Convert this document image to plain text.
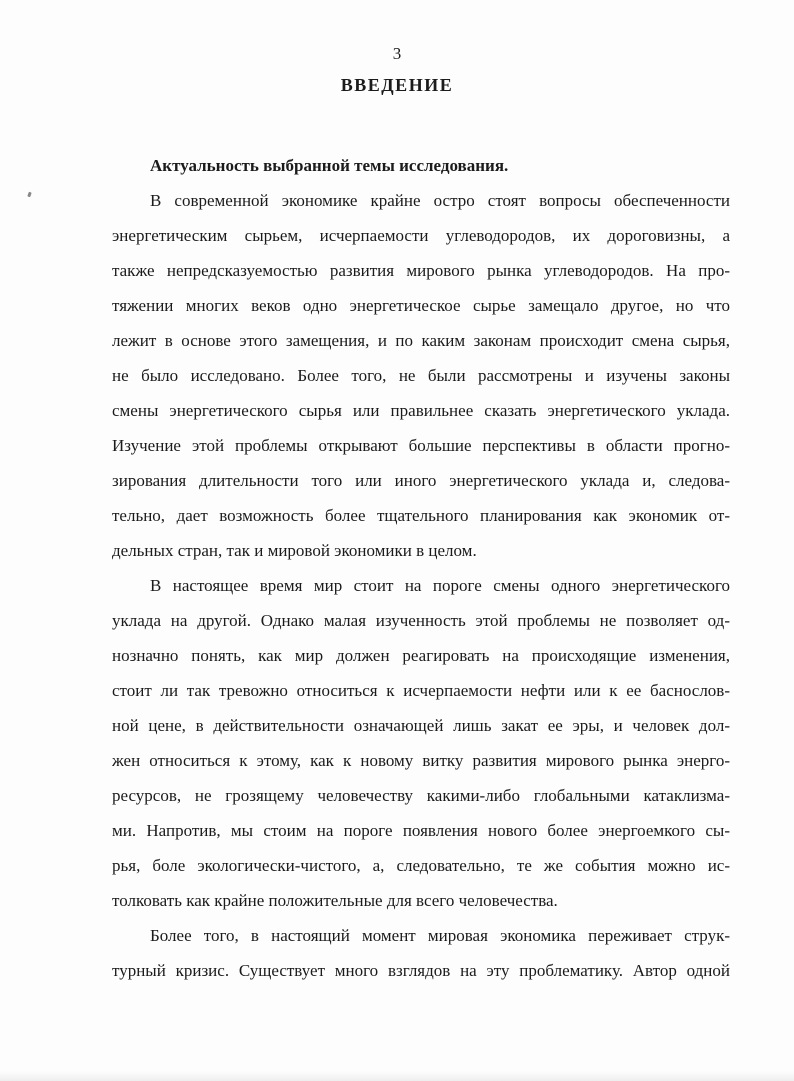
3
ВВЕДЕНИЕ
Актуальность выбранной темы исследования.
В современной экономике крайне остро стоят вопросы обеспеченности
энергетическим сырьем, исчерпаемости углеводородов, их дороговизны, а
также непредсказуемостью развития мирового рынка углеводородов. На про-
тяжении многих веков одно энергетическое сырье замещало другое, но что
лежит в основе этого замещения, и по каким законам происходит смена сырья,
не было исследовано. Более того, не были рассмотрены и изучены законы
смены энергетического сырья или правильнее сказать энергетического уклада.
Изучение этой проблемы открывают большие перспективы в области прогно-
зирования длительности того или иного энергетического уклада и, следова-
тельно, дает возможность более тщательного планирования как экономик от-
дельных стран, так и мировой экономики в целом.
В настоящее время мир стоит на пороге смены одного энергетического
уклада на другой. Однако малая изученность этой проблемы не позволяет од-
нозначно понять, как мир должен реагировать на происходящие изменения,
стоит ли так тревожно относиться к исчерпаемости нефти или к ее баснослов-
ной цене, в действительности означающей лишь закат ее эры, и человек дол-
жен относиться к этому, как к новому витку развития мирового рынка энерго-
ресурсов, не грозящему человечеству какими-либо глобальными катаклизма-
ми. Напротив, мы стоим на пороге появления нового более энергоемкого сы-
рья, боле экологически-чистого, а, следовательно, те же события можно ис-
толковать как крайне положительные для всего человечества.
Более того, в настоящий момент мировая экономика переживает струк-
турный кризис. Существует много взглядов на эту проблематику. Автор одной
